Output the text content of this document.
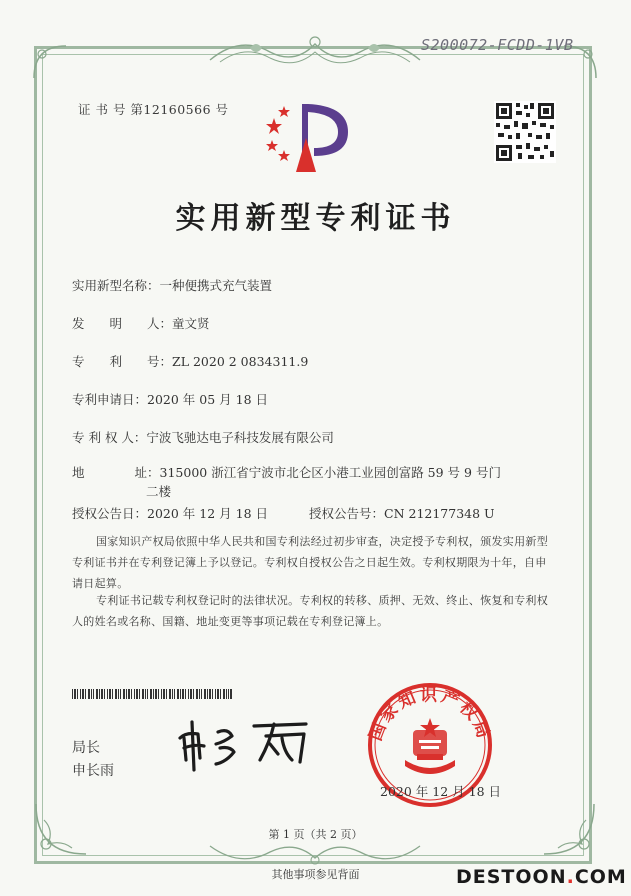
S200072-FCDD-1VB
证 书 号 第12160566 号
实用新型专利证书
实用新型名称：一种便携式充气装置
发　　明　　人：童文贤
专　　利　　号：ZL 2020 2 0834311.9
专利申请日：2020 年 05 月 18 日
专 利 权 人：宁波飞驰达电子科技发展有限公司
地　　　　址：315000 浙江省宁波市北仑区小港工业园创富路 59 号 9 号门
二楼
授权公告日：2020 年 12 月 18 日	授权公告号：CN 212177348 U
国家知识产权局依照中华人民共和国专利法经过初步审查，决定授予专利权，颁发实用新型专利证书并在专利登记簿上予以登记。专利权自授权公告之日起生效。专利权期限为十年，自申请日起算。
专利证书记载专利权登记时的法律状况。专利权的转移、质押、无效、终止、恢复和专利权人的姓名或名称、国籍、地址变更等事项记载在专利登记簿上。
局长
申长雨
国家知识产权局
2020 年 12 月 18 日
第 1 页（共 2 页）
其他事项参见背面	DESTOON.COM
